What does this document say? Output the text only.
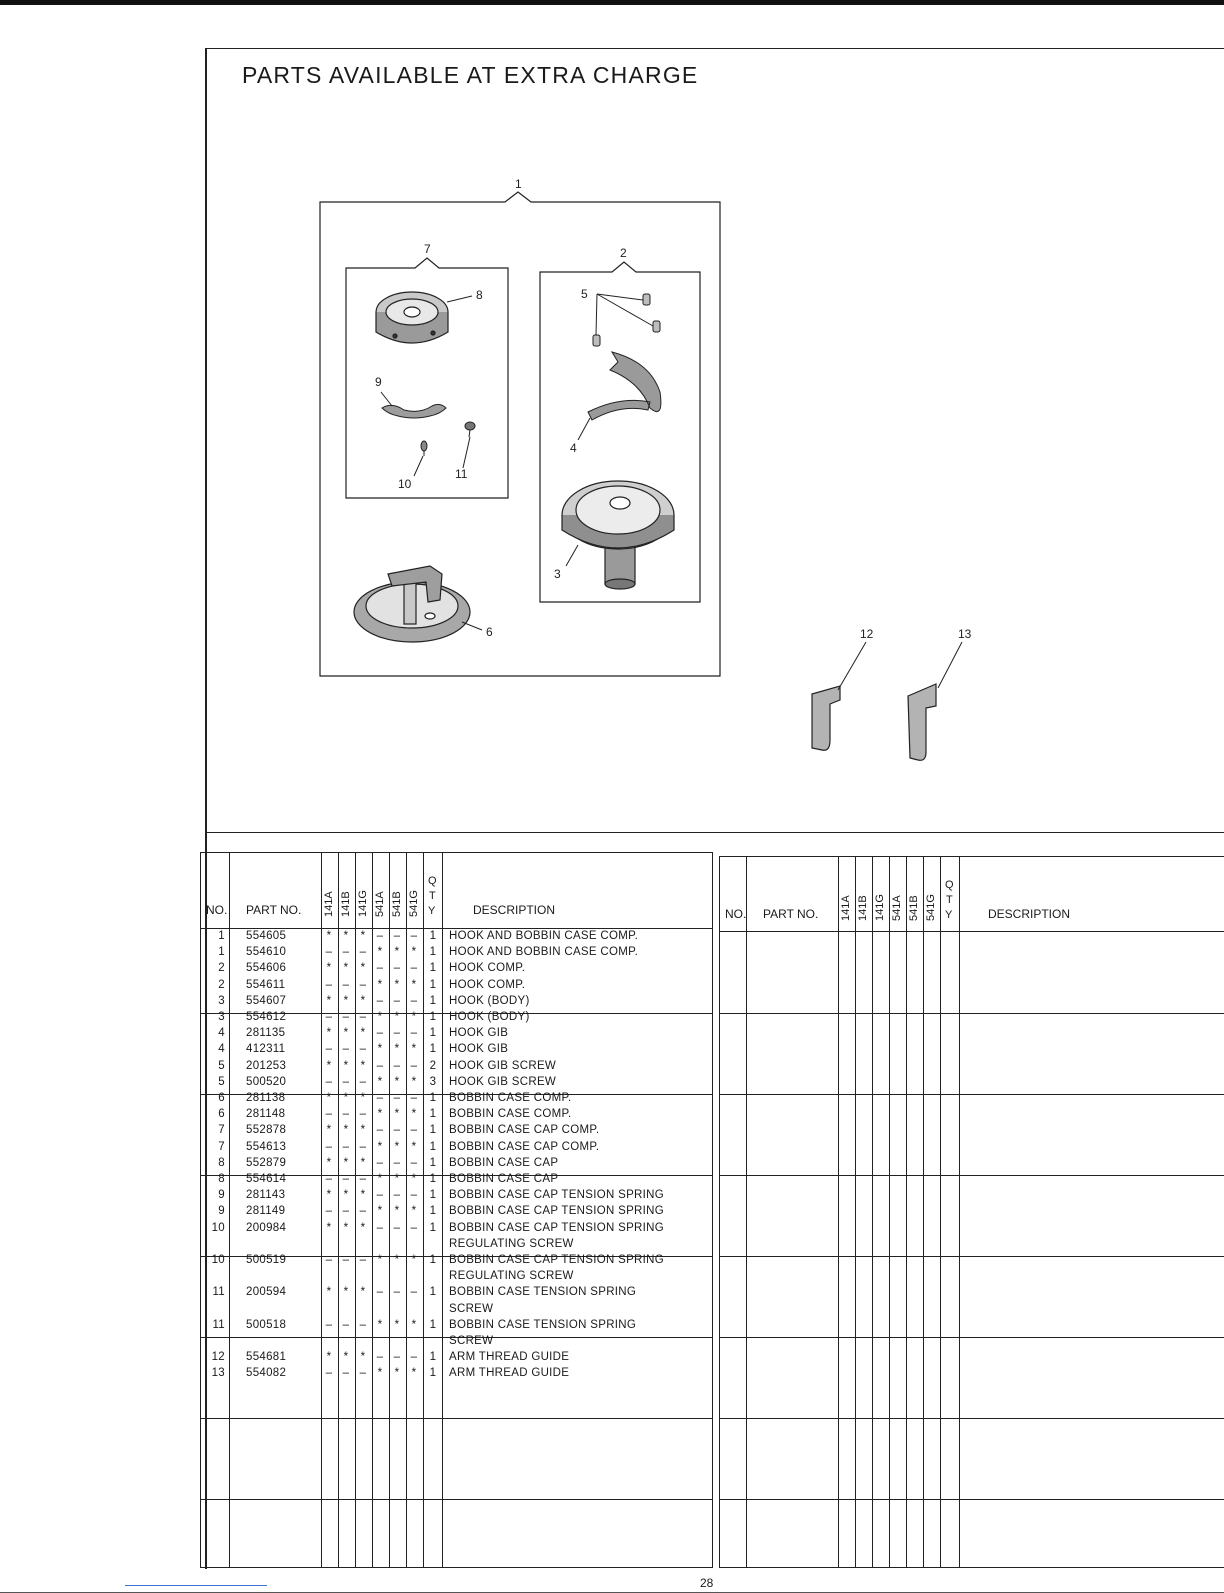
PARTS AVAILABLE AT EXTRA CHARGE
1
2
3
4
5
6
7
8
9
10
11
12	13
NO. PART NO. 141A 141B 141G 541A 541B 541G
Q
T
Y	DESCRIPTION
1 554605	*	*	* – – –	1	HOOK AND BOBBIN CASE COMP.
1 554610	– – – *	*	*	1	HOOK AND BOBBIN CASE COMP.
2 554606	*	*	* – – –	1	HOOK COMP.
2 554611	– – – *	*	*	1	HOOK COMP.
3 554607	*	*	* – – –	1	HOOK (BODY)
3 554612	– – – *	*	*	1	HOOK (BODY)
4 281135	*	*	* – – –	1	HOOK GIB
4 412311	– – – *	*	*	1	HOOK GIB
5 201253	*	*	* – – –	2	HOOK GIB SCREW
5 500520	– – – *	*	*	3	HOOK GIB SCREW
6 281138	*	*	* – – –	1	BOBBIN CASE COMP.
6 281148	– – – *	*	*	1	BOBBIN CASE COMP.
7 552878	*	*	* – – –	1	BOBBIN CASE CAP COMP.
7 554613	– – – *	*	*	1	BOBBIN CASE CAP COMP.
8 552879	*	*	* – – –	1	BOBBIN CASE CAP
8 554614	– – – *	*	*	1	BOBBIN CASE CAP
9 281143	*	*	* – – –	1	BOBBIN CASE CAP TENSION SPRING
9 281149	– – – *	*	*	1	BOBBIN CASE CAP TENSION SPRING
10 200984	*	*	* – – –	1	BOBBIN CASE CAP TENSION SPRING
REGULATING SCREW
10 500519	– – – *	*	*	1	BOBBIN CASE CAP TENSION SPRING
REGULATING SCREW
11 200594	*	*	* – – –	1	BOBBIN CASE TENSION SPRING
SCREW
11 500518	– – – *	*	*	1	BOBBIN CASE TENSION SPRING
SCREW
12 554681	*	*	* – – –	1	ARM THREAD GUIDE
13 554082	– – – *	*	*	1	ARM THREAD GUIDE
NO. PART NO. 141A 141B 141G 541A 541B 541G
Q
T
Y	DESCRIPTION
28
